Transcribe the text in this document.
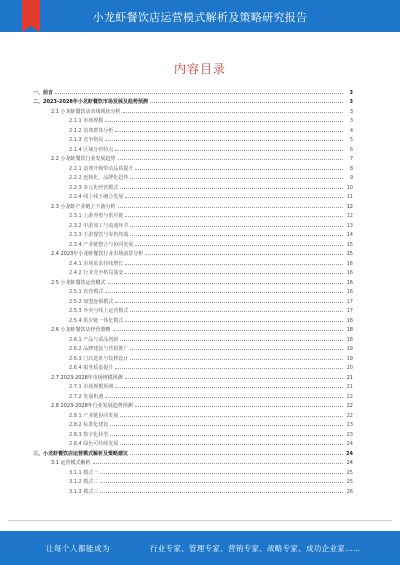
小龙虾餐饮店运营模式解析及策略研究报告
内容目录
一、前言	3
二、2023-2028年小龙虾餐饮市场发展及趋势预测	3
2.1 小龙虾餐饮店市场现状分析	3
2.1.1 市场规模	3
2.1.2 消费群体分析	4
2.1.3 竞争格局	5
2.1.4 区域分布特点	6
2.2 小龙虾餐饮行业发展趋势	7
2.2.1 消费升级带动品质提升	8
2.2.2 连锁化、品牌化趋势	9
2.2.3 多元化经营模式	10
2.2.4 线上线下融合发展	11
2.3 小龙虾产业链上下游分析	12
2.3.1 上游养殖与供应链	12
2.3.2 中游加工与流通环节	13
2.3.3 下游餐饮与零售终端	14
2.3.4 产业链整合与协同发展	15
2.4 2023年小龙虾餐饮行业市场前景分析	15
2.4.1 市场需求持续增长	16
2.4.2 行业竞争格局演变	16
2.5 小龙虾餐饮运营模式	16
2.5.1 直营模式	16
2.5.2 加盟连锁模式	17
2.5.3 外卖与线上运营模式	17
2.5.4 供应链一体化模式	18
2.6 小龙虾餐饮店经营策略	18
2.6.1 产品与菜品创新	18
2.6.2 品牌建设与营销推广	19
2.6.3 门店选址与装修设计	19
2.6.4 服务质量提升	20
2.7 2023-2028年市场规模预测	21
2.7.1 市场规模预测	21
2.7.2 发展机遇	22
2.8 2023-2028年行业发展趋势预测	22
2.8.1 产业链协同发展	22
2.8.2 标准化建设	23
2.8.3 数字化转型	23
2.8.4 绿色可持续发展	24
三、小龙虾餐饮店运营模式解析及策略建议	24
3.1 运营模式解析	24
3.1.1 模式一	25
3.1.2 模式二	25
3.1.3 模式三	26
让每个人都能成为	行业专家、管理专家、营销专家、战略专家、成功企业家……
